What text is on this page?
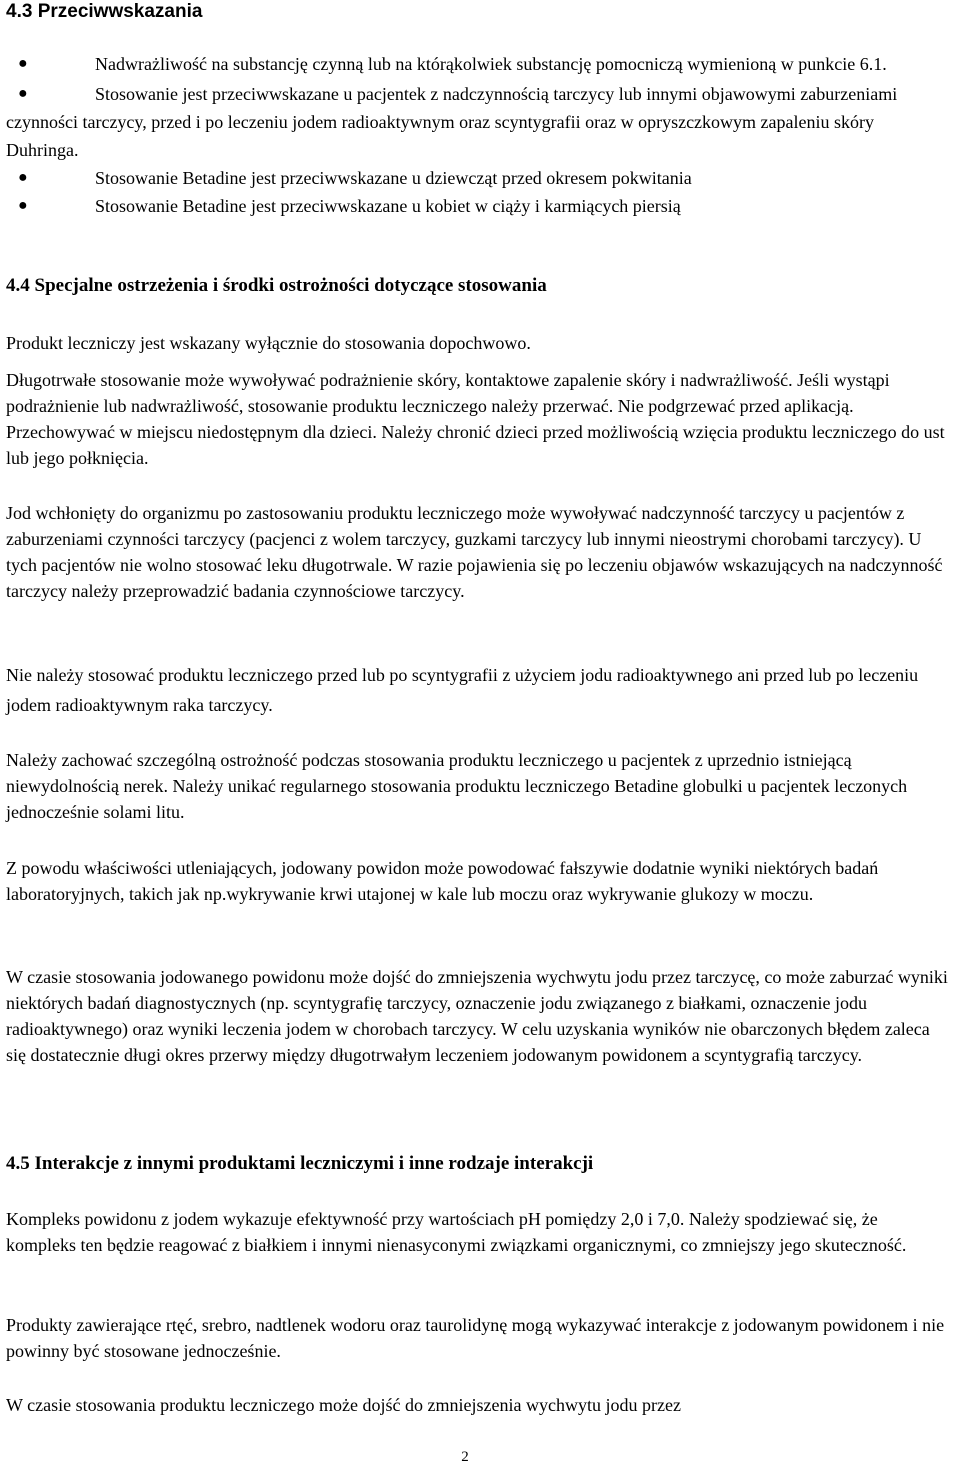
4.3 Przeciwwskazania
●	Nadwrażliwość na substancję czynną lub na którąkolwiek substancję pomocniczą wymienioną w punkcie 6.1.
●	Stosowanie jest przeciwwskazane u pacjentek z nadczynnością tarczycy lub innymi objawowymi zaburzeniami czynności tarczycy, przed i po leczeniu jodem radioaktywnym oraz scyntygrafii oraz w opryszczkowym zapaleniu skóry Duhringa.
●	Stosowanie Betadine jest przeciwwskazane u dziewcząt przed okresem pokwitania
●	Stosowanie Betadine jest przeciwwskazane u kobiet w ciąży i karmiących piersią
4.4 Specjalne ostrzeżenia i środki ostrożności dotyczące stosowania

Produkt leczniczy jest wskazany wyłącznie do stosowania dopochwowo.

Długotrwałe stosowanie może wywoływać podrażnienie skóry, kontaktowe zapalenie skóry i nadwrażliwość. Jeśli wystąpi podrażnienie lub nadwrażliwość, stosowanie produktu leczniczego należy przerwać. Nie podgrzewać przed aplikacją. Przechowywać w miejscu niedostępnym dla dzieci. Należy chronić dzieci przed możliwością wzięcia produktu leczniczego do ust lub jego połknięcia.

Jod wchłonięty do organizmu po zastosowaniu produktu leczniczego może wywoływać nadczynność tarczycy u pacjentów z zaburzeniami czynności tarczycy (pacjenci z wolem tarczycy, guzkami tarczycy lub innymi nieostrymi chorobami tarczycy). U tych pacjentów nie wolno stosować leku długotrwale. W razie pojawienia się po leczeniu objawów wskazujących na nadczynność tarczycy należy przeprowadzić badania czynnościowe tarczycy.

Nie należy stosować produktu leczniczego przed lub po scyntygrafii z użyciem jodu radioaktywnego ani przed lub po leczeniu jodem radioaktywnym raka tarczycy.

Należy zachować szczególną ostrożność podczas stosowania produktu leczniczego u pacjentek z uprzednio istniejącą niewydolnością nerek. Należy unikać regularnego stosowania produktu leczniczego Betadine globulki u pacjentek leczonych jednocześnie solami litu.

Z powodu właściwości utleniających, jodowany powidon może powodować fałszywie dodatnie wyniki niektórych badań laboratoryjnych, takich jak np.wykrywanie krwi utajonej w kale lub moczu oraz wykrywanie glukozy w moczu.

W czasie stosowania jodowanego powidonu może dojść do zmniejszenia wychwytu jodu przez tarczycę, co może zaburzać wyniki niektórych badań diagnostycznych (np. scyntygrafię tarczycy, oznaczenie jodu związanego z białkami, oznaczenie jodu radioaktywnego) oraz wyniki leczenia jodem w chorobach tarczycy. W celu uzyskania wyników nie obarczonych błędem zaleca się dostatecznie długi okres przerwy między długotrwałym leczeniem jodowanym powidonem a scyntygrafią tarczycy.

4.5 Interakcje z innymi produktami leczniczymi i inne rodzaje interakcji

Kompleks powidonu z jodem wykazuje efektywność przy wartościach pH pomiędzy 2,0 i 7,0. Należy spodziewać się, że kompleks ten będzie reagować z białkiem i innymi nienasyconymi związkami organicznymi, co zmniejszy jego skuteczność.

Produkty zawierające rtęć, srebro, nadtlenek wodoru oraz taurolidynę mogą wykazywać interakcje z jodowanym powidonem i nie powinny być stosowane jednocześnie.

W czasie stosowania produktu leczniczego może dojść do zmniejszenia wychwytu jodu przez

2
